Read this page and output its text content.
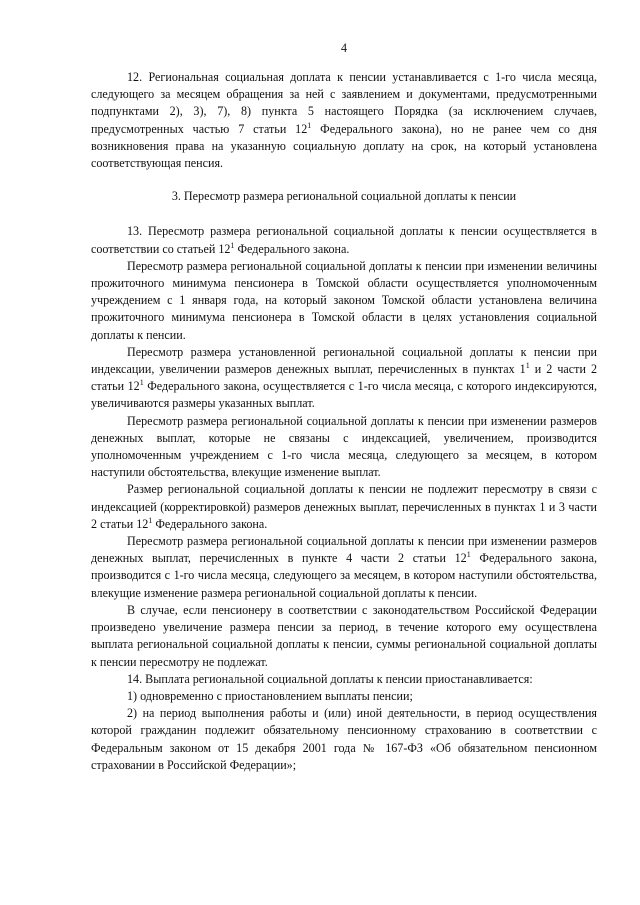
4

12. Региональная социальная доплата к пенсии устанавливается с 1-го числа месяца, следующего за месяцем обращения за ней с заявлением и документами, предусмотренными подпунктами 2), 3), 7), 8) пункта 5 настоящего Порядка (за исключением случаев, предусмотренных частью 7 статьи $12^1$ Федерального закона), но не ранее чем со дня возникновения права на указанную социальную доплату на срок, на который установлена соответствующая пенсия.

3. Пересмотр размера региональной социальной доплаты к пенсии

13. Пересмотр размера региональной социальной доплаты к пенсии осуществляется в соответствии со статьей $12^1$ Федерального закона.

Пересмотр размера региональной социальной доплаты к пенсии при изменении величины прожиточного минимума пенсионера в Томской области осуществляется уполномоченным учреждением с 1 января года, на который законом Томской области установлена величина прожиточного минимума пенсионера в Томской области в целях установления социальной доплаты к пенсии.

Пересмотр размера установленной региональной социальной доплаты к пенсии при индексации, увеличении размеров денежных выплат, перечисленных в пунктах $1^1$ и 2 части 2 статьи $12^1$ Федерального закона, осуществляется с 1-го числа месяца, с которого индексируются, увеличиваются размеры указанных выплат.

Пересмотр размера региональной социальной доплаты к пенсии при изменении размеров денежных выплат, которые не связаны с индексацией, увеличением, производится уполномоченным учреждением с 1-го числа месяца, следующего за месяцем, в котором наступили обстоятельства, влекущие изменение выплат.

Размер региональной социальной доплаты к пенсии не подлежит пересмотру в связи с индексацией (корректировкой) размеров денежных выплат, перечисленных в пунктах 1 и 3 части 2 статьи $12^1$ Федерального закона.

Пересмотр размера региональной социальной доплаты к пенсии при изменении размеров денежных выплат, перечисленных в пункте 4 части 2 статьи $12^1$ Федерального закона, производится с 1-го числа месяца, следующего за месяцем, в котором наступили обстоятельства, влекущие изменение размера региональной социальной доплаты к пенсии.

В случае, если пенсионеру в соответствии с законодательством Российской Федерации произведено увеличение размера пенсии за период, в течение которого ему осуществлена выплата региональной социальной доплаты к пенсии, суммы региональной социальной доплаты к пенсии пересмотру не подлежат.

14. Выплата региональной социальной доплаты к пенсии приостанавливается:

1) одновременно с приостановлением выплаты пенсии;

2) на период выполнения работы и (или) иной деятельности, в период осуществления которой гражданин подлежит обязательному пенсионному страхованию в соответствии с Федеральным законом от 15 декабря 2001 года № 167-ФЗ «Об обязательном пенсионном страховании в Российской Федерации»;
